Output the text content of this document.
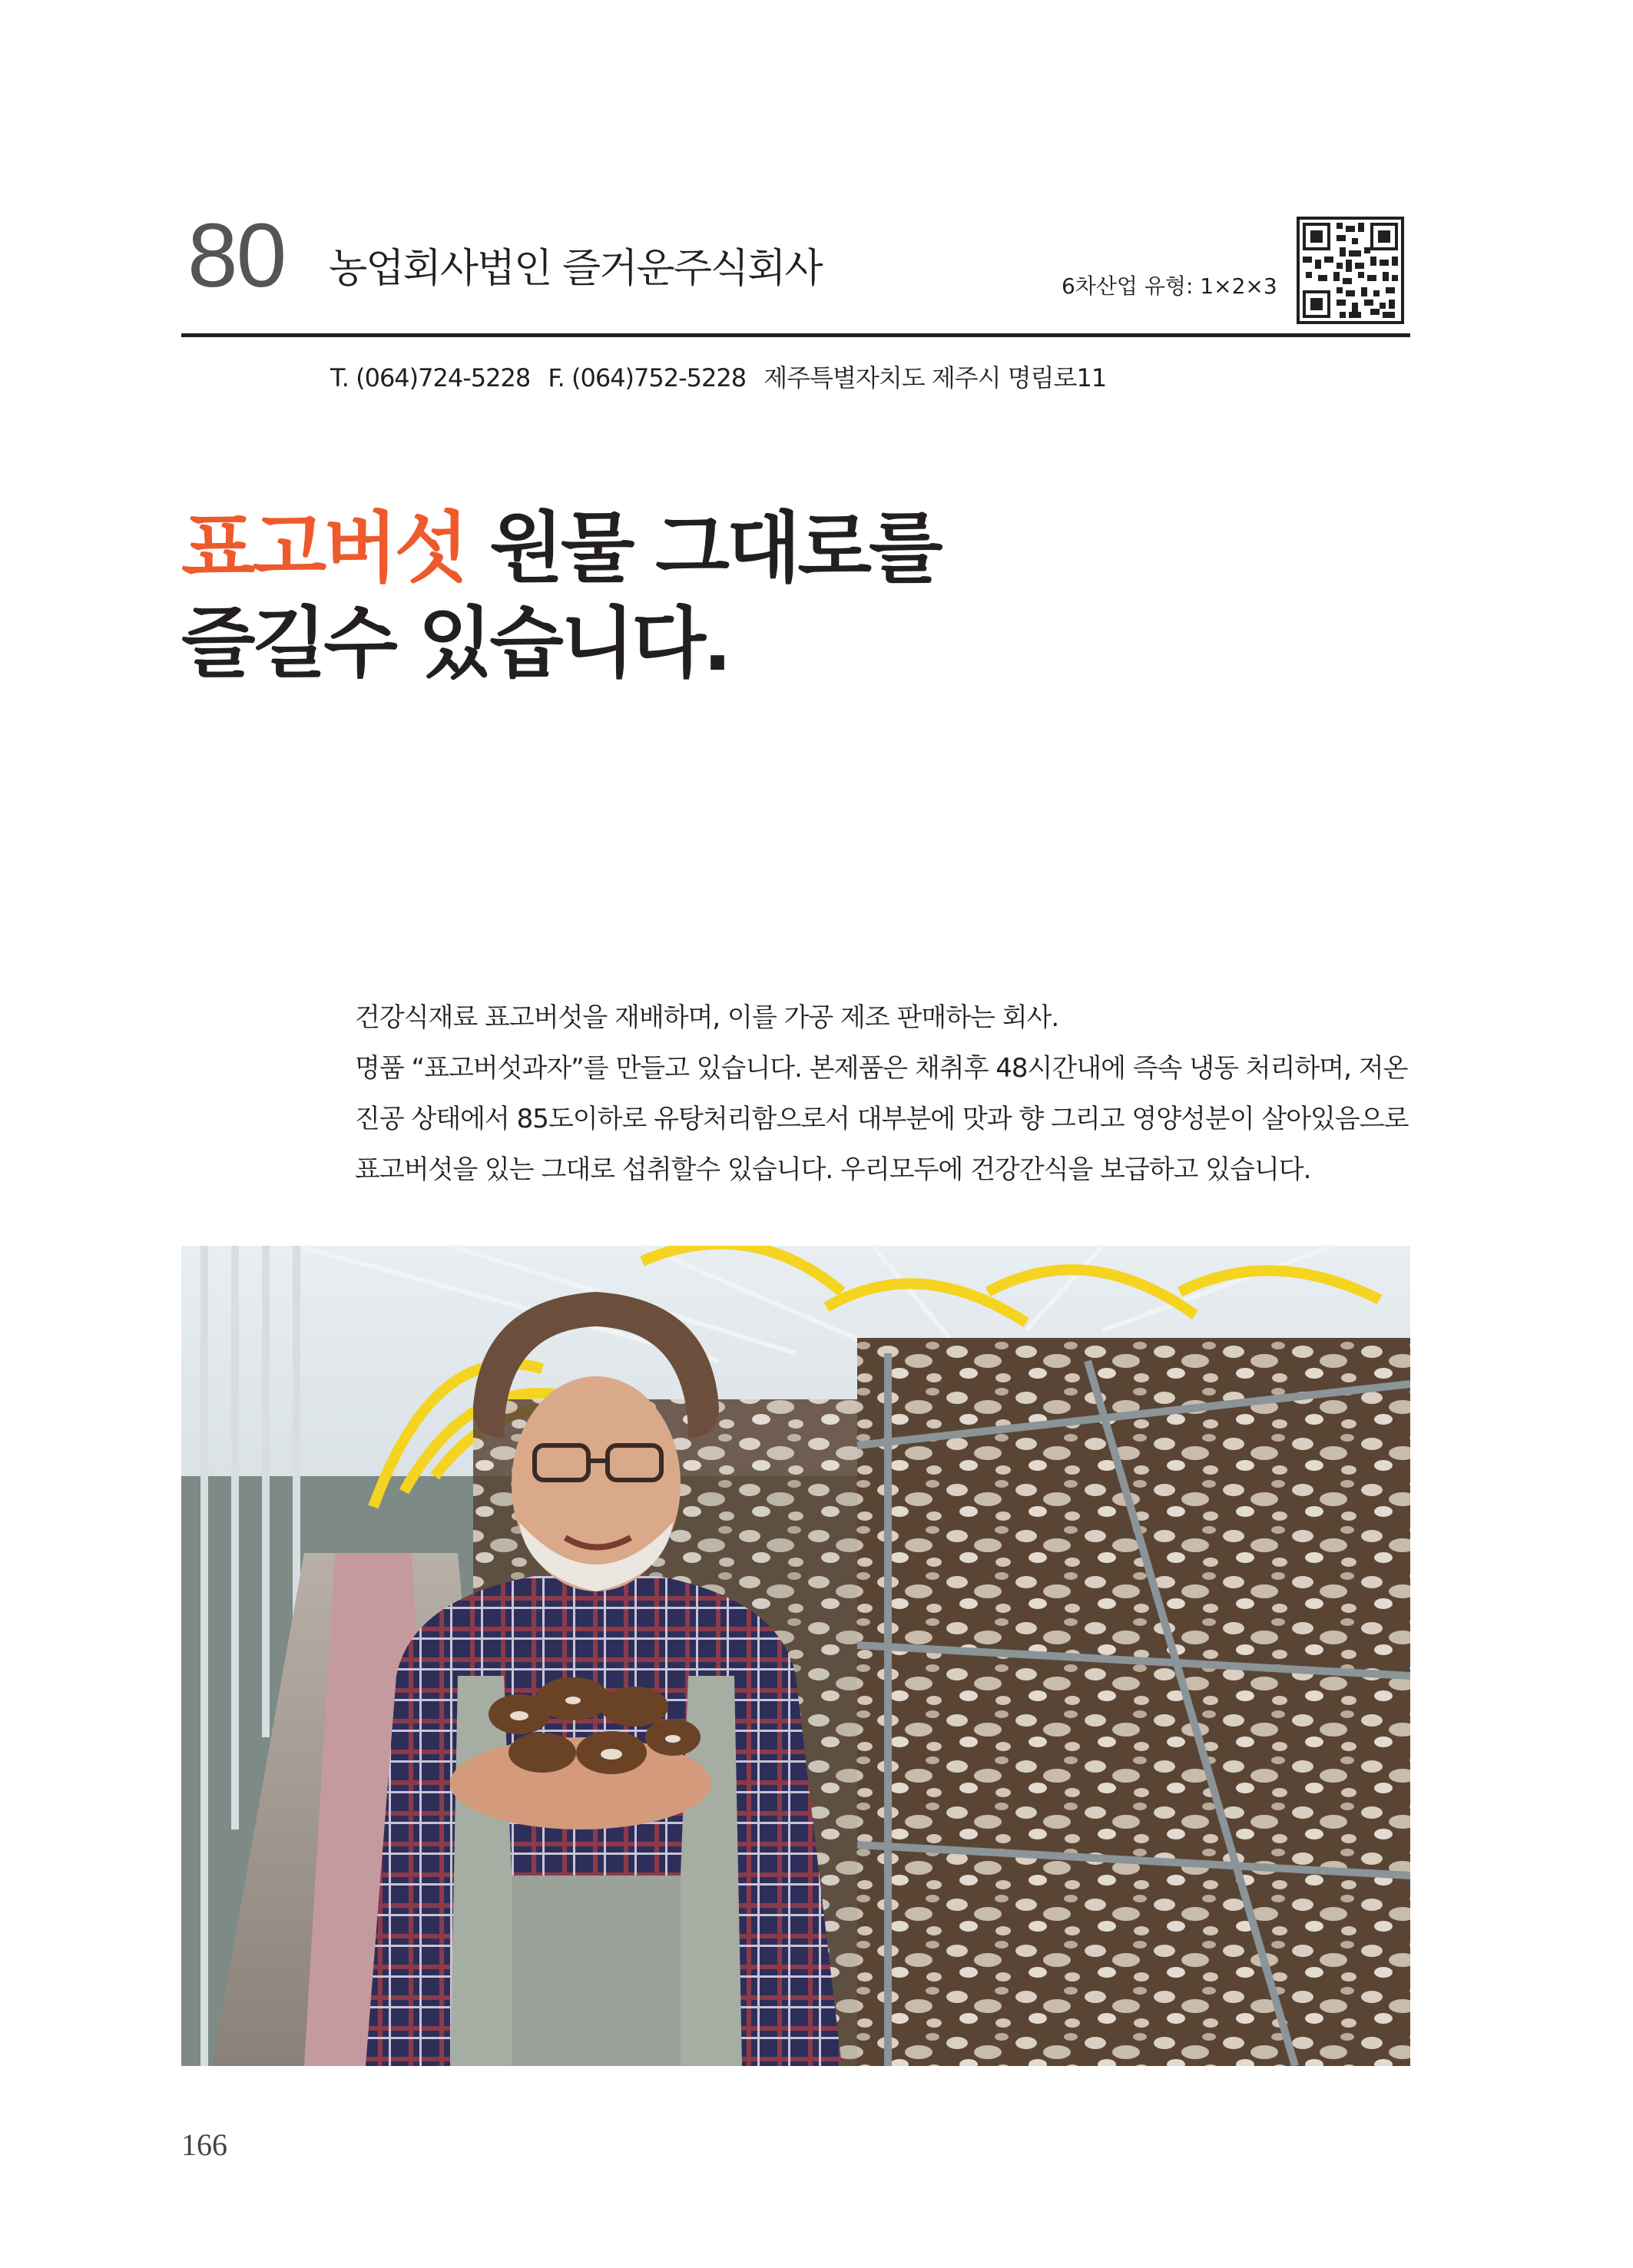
80 농업회사법인 즐거운주식회사	6차산업 유형: 1×2×3
T. (064)724-5228 F. (064)752-5228 제주특별자치도 제주시 명림로11
표고버섯 원물 그대로를
즐길수 있습니다.

건강식재료 표고버섯을 재배하며, 이를 가공 제조 판매하는 회사.

명품 “표고버섯과자”를 만들고 있습니다. 본제품은 채취후 48시간내에 즉속 냉동 처리하며, 저온

진공 상태에서 85도이하로 유탕처리함으로서 대부분에 맛과 향 그리고 영양성분이 살아있음으로

표고버섯을 있는 그대로 섭취할수 있습니다. 우리모두에 건강간식을 보급하고 있습니다.

166
